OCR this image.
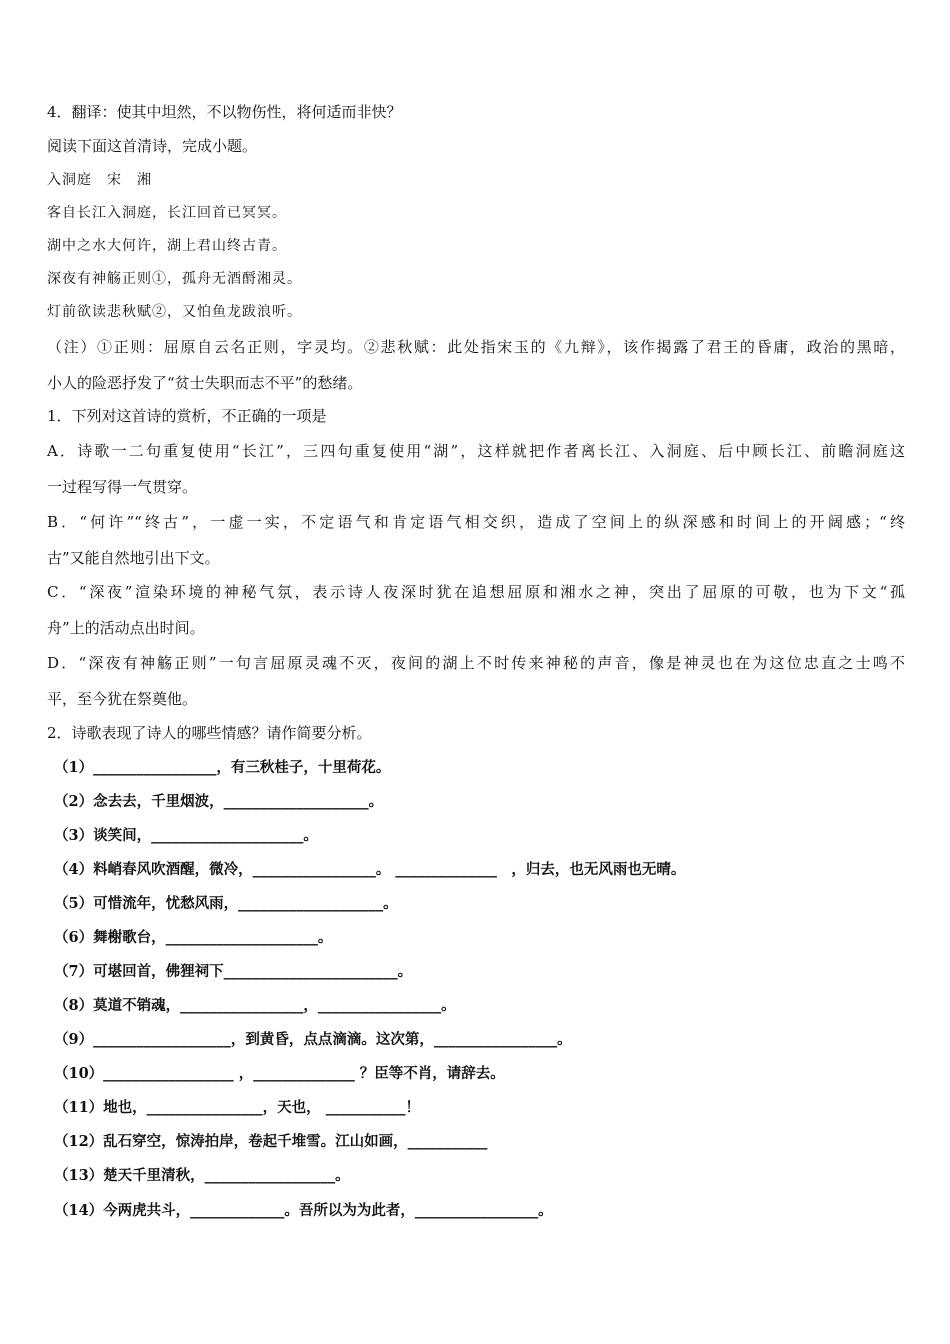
4．翻译：使其中坦然，不以物伤性，将何适而非快？
阅读下面这首清诗，完成小题。
入洞庭　宋　湘
客自长江入洞庭，长江回首已冥冥。
湖中之水大何许，湖上君山终古青。
深夜有神觞正则①，孤舟无酒酹湘灵。
灯前欲读悲秋赋②，又怕鱼龙跋浪听。
（注）①正则：屈原自云名正则，字灵均。②悲秋赋：此处指宋玉的《九辩》，该作揭露了君王的昏庸，政治的黑暗，
小人的险恶抒发了“贫士失职而志不平”的愁绪。
1．下列对这首诗的赏析，不正确的一项是
A．诗歌一二句重复使用“长江”，三四句重复使用“湖”，这样就把作者离长江、入洞庭、后中顾长江、前瞻洞庭这
一过程写得一气贯穿。
B．“何许”“终古”，一虚一实，不定语气和肯定语气相交织，造成了空间上的纵深感和时间上的开阔感；“终
古”又能自然地引出下文。
C．“深夜”渲染环境的神秘气氛，表示诗人夜深时犹在追想屈原和湘水之神，突出了屈原的可敬，也为下文“孤
舟”上的活动点出时间。
D．“深夜有神觞正则”一句言屈原灵魂不灭，夜间的湖上不时传来神秘的声音，像是神灵也在为这位忠直之士鸣不
平，至今犹在祭奠他。
2．诗歌表现了诗人的哪些情感？请作简要分析。
（1）_________________，有三秋桂子，十里荷花。
（2）念去去，千里烟波，____________________。
（3）谈笑间，_____________________。
（4）料峭春风吹酒醒，微冷，_________________。 ______________　，归去，也无风雨也无晴。
（5）可惜流年，忧愁风雨，____________________。
（6）舞榭歌台，_____________________。
（7）可堪回首，佛狸祠下________________________。
（8）莫道不销魂，_________________，_________________。
（9）___________________，到黄昏，点点滴滴。这次第，_________________。
（10）__________________ ，______________ ？臣等不肖，请辞去。
（11）地也，________________，天也， ___________！
（12）乱石穿空，惊涛拍岸，卷起千堆雪。江山如画，___________
（13）楚天千里清秋，__________________。
（14）今两虎共斗，_____________。吾所以为为此者，_________________。
